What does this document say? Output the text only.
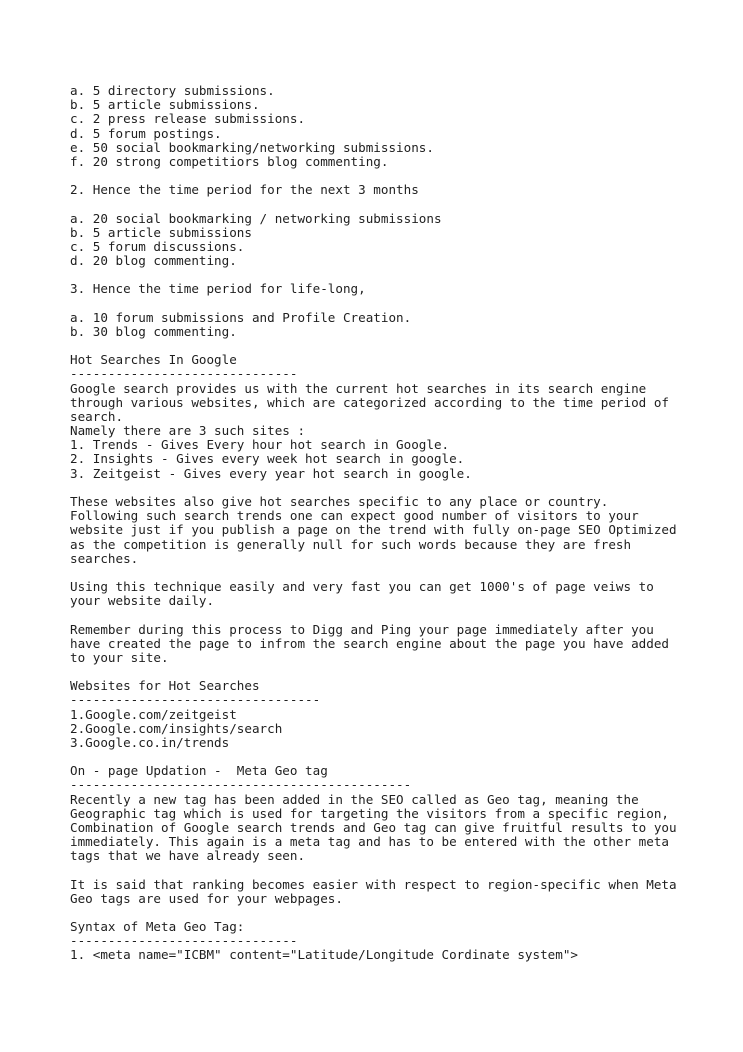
a. 5 directory submissions.
b. 5 article submissions.
c. 2 press release submissions.
d. 5 forum postings.
e. 50 social bookmarking/networking submissions.
f. 20 strong competitiors blog commenting.

2. Hence the time period for the next 3 months

a. 20 social bookmarking / networking submissions
b. 5 article submissions
c. 5 forum discussions.
d. 20 blog commenting.

3. Hence the time period for life-long,

a. 10 forum submissions and Profile Creation.
b. 30 blog commenting.

Hot Searches In Google
------------------------------
Google search provides us with the current hot searches in its search engine
through various websites, which are categorized according to the time period of
search.
Namely there are 3 such sites :
1. Trends - Gives Every hour hot search in Google.
2. Insights - Gives every week hot search in google.
3. Zeitgeist - Gives every year hot search in google.

These websites also give hot searches specific to any place or country.
Following such search trends one can expect good number of visitors to your
website just if you publish a page on the trend with fully on-page SEO Optimized
as the competition is generally null for such words because they are fresh
searches.

Using this technique easily and very fast you can get 1000's of page veiws to
your website daily.

Remember during this process to Digg and Ping your page immediately after you
have created the page to infrom the search engine about the page you have added
to your site.

Websites for Hot Searches
---------------------------------
1.Google.com/zeitgeist
2.Google.com/insights/search
3.Google.co.in/trends

On - page Updation -  Meta Geo tag
---------------------------------------------
Recently a new tag has been added in the SEO called as Geo tag, meaning the
Geographic tag which is used for targeting the visitors from a specific region,
Combination of Google search trends and Geo tag can give fruitful results to you
immediately. This again is a meta tag and has to be entered with the other meta
tags that we have already seen.

It is said that ranking becomes easier with respect to region-specific when Meta
Geo tags are used for your webpages.

Syntax of Meta Geo Tag:
------------------------------
1. <meta name="ICBM" content="Latitude/Longitude Cordinate system">
